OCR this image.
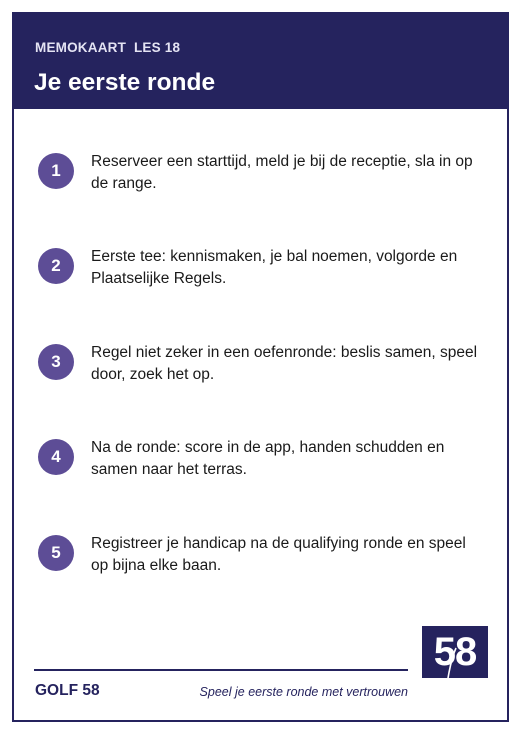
MEMOKAART  LES 18
Je eerste ronde
1	Reserveer een starttijd, meld je bij de receptie, sla in op de range.
2	Eerste tee: kennismaken, je bal noemen, volgorde en Plaatselijke Regels.
3	Regel niet zeker in een oefenronde: beslis samen, speel door, zoek het op.
4	Na de ronde: score in de app, handen schudden en samen naar het terras.
5	Registreer je handicap na de qualifying ronde en speel op bijna elke baan.
GOLF 58	Speel je eerste ronde met vertrouwen
58
